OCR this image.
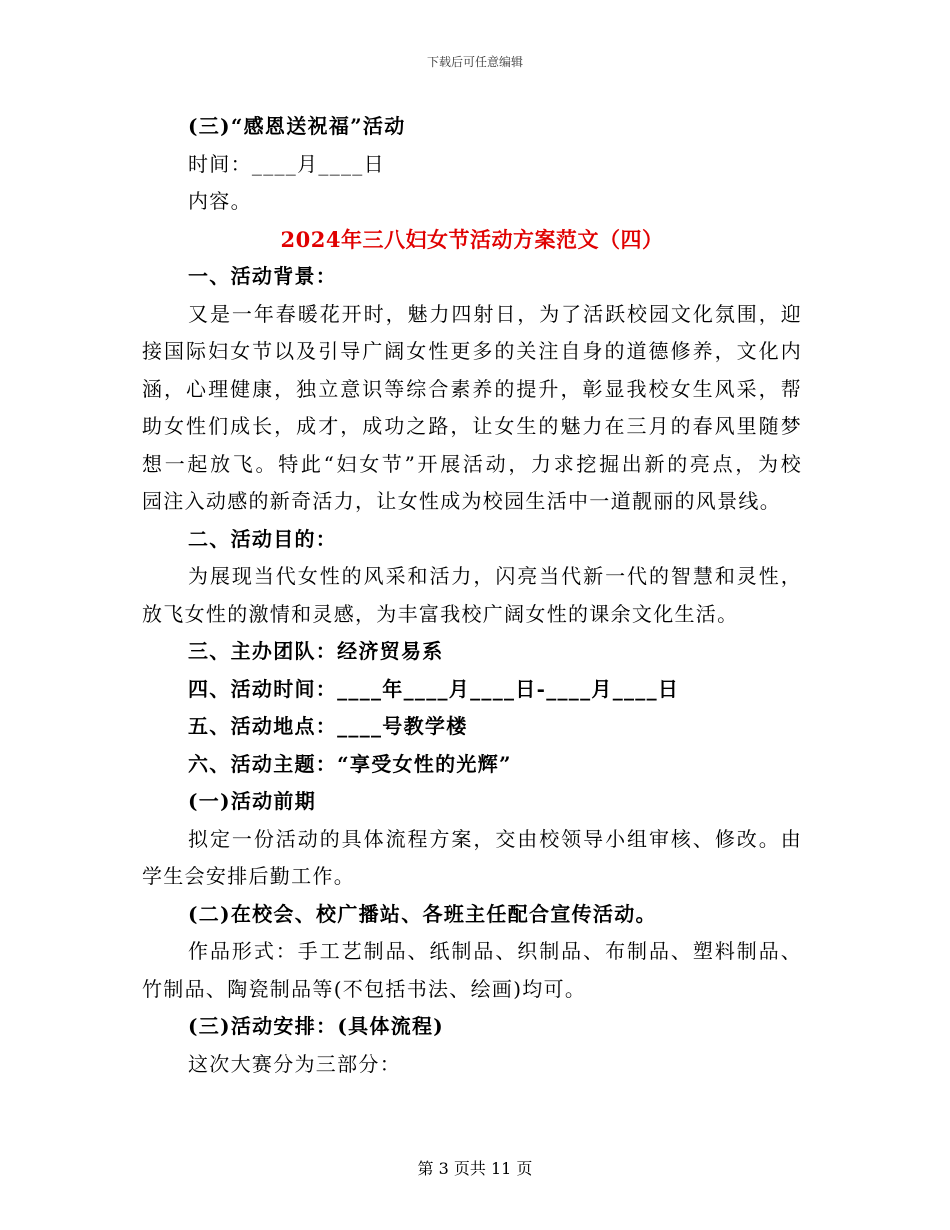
下载后可任意编辑
(三)“感恩送祝福”活动
时间：____月____日
内容。
2024年三八妇女节活动方案范文（四）
一、活动背景：
又是一年春暖花开时，魅力四射日，为了活跃校园文化氛围，迎
接国际妇女节以及引导广阔女性更多的关注自身的道德修养，文化内
涵，心理健康，独立意识等综合素养的提升，彰显我校女生风采，帮
助女性们成长，成才，成功之路，让女生的魅力在三月的春风里随梦
想一起放飞。特此“妇女节”开展活动，力求挖掘出新的亮点，为校
园注入动感的新奇活力，让女性成为校园生活中一道靓丽的风景线。
二、活动目的：
为展现当代女性的风采和活力，闪亮当代新一代的智慧和灵性，
放飞女性的激情和灵感，为丰富我校广阔女性的课余文化生活。
三、主办团队：经济贸易系
四、活动时间：____年____月____日-____月____日
五、活动地点：____号教学楼
六、活动主题：“享受女性的光辉”
(一)活动前期
拟定一份活动的具体流程方案，交由校领导小组审核、修改。由
学生会安排后勤工作。
(二)在校会、校广播站、各班主任配合宣传活动。
作品形式：手工艺制品、纸制品、织制品、布制品、塑料制品、
竹制品、陶瓷制品等(不包括书法、绘画)均可。
(三)活动安排：(具体流程)
这次大赛分为三部分：
第 3 页共 11 页
